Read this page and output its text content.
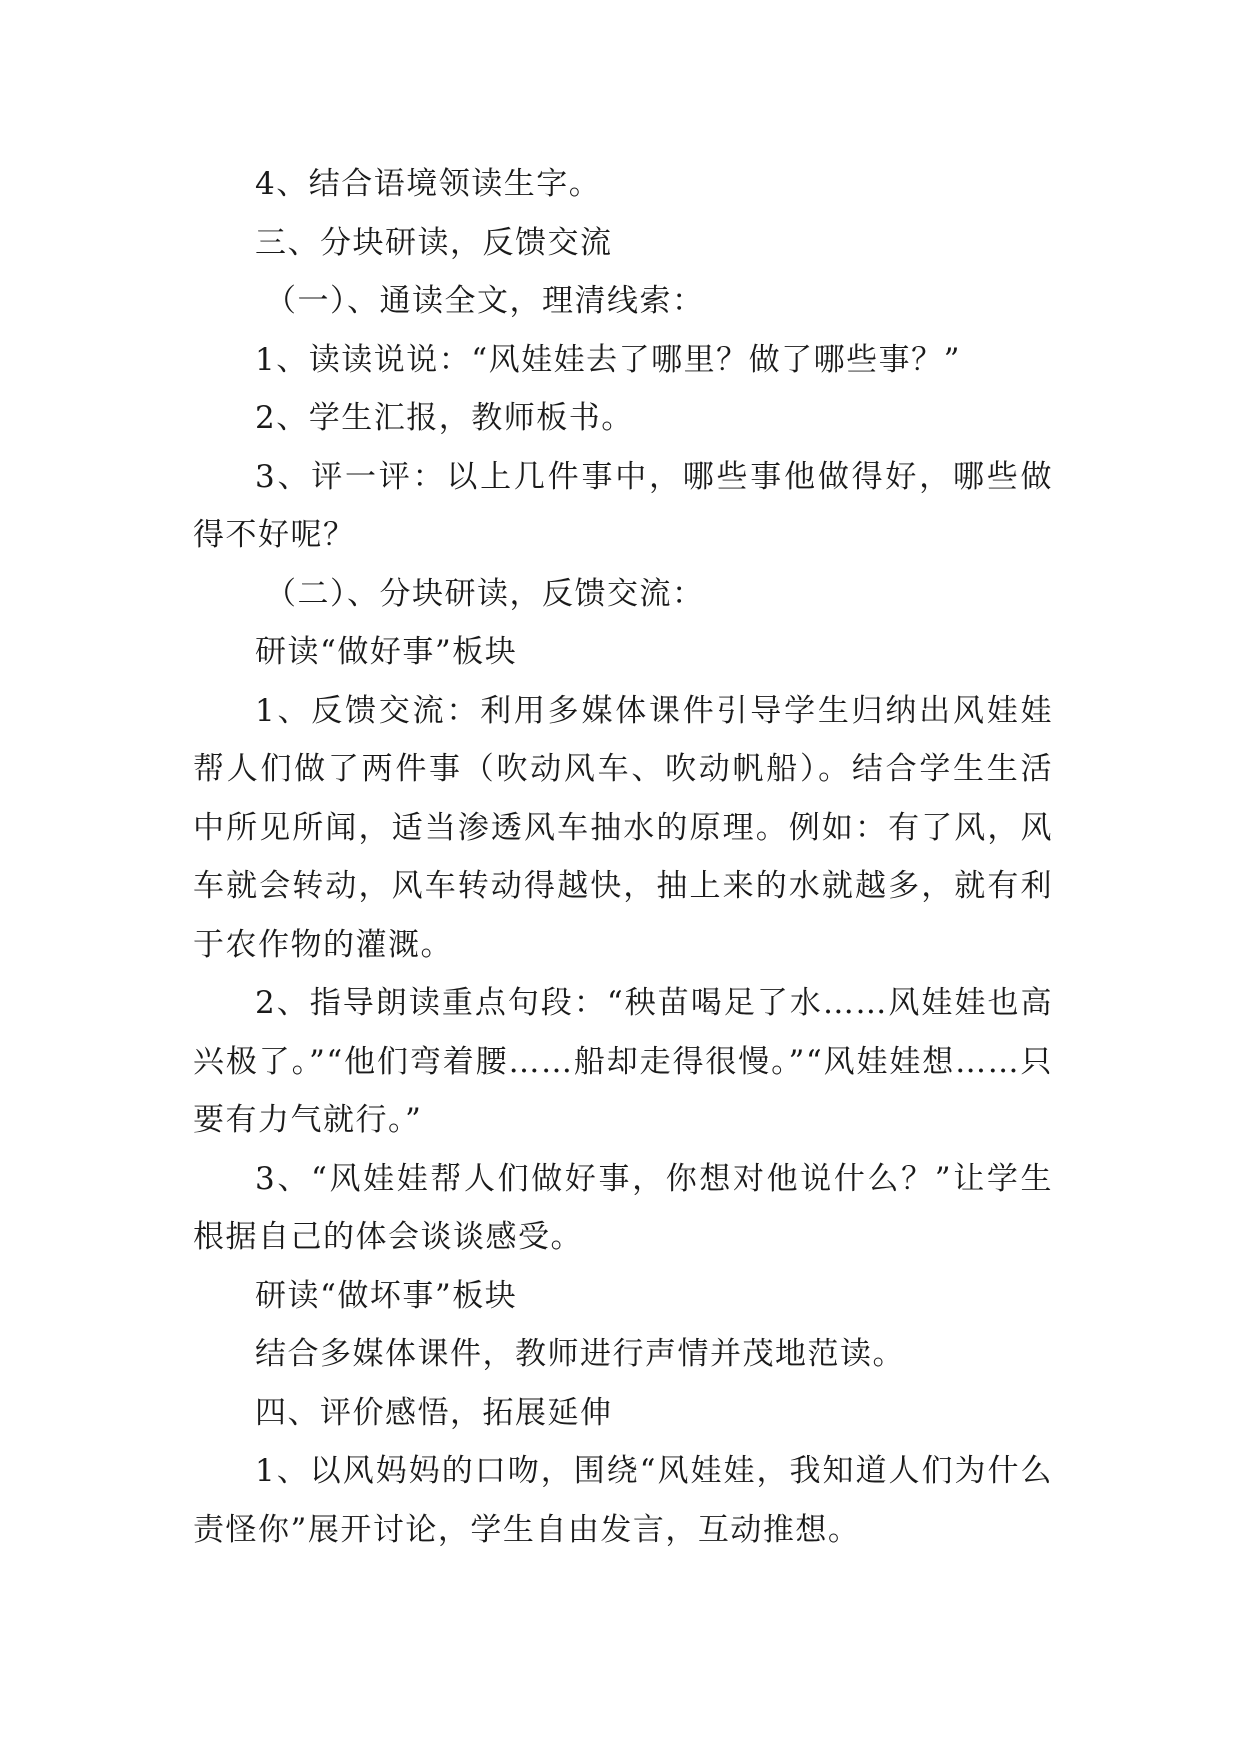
4、结合语境领读生字。

三、分块研读，反馈交流

（一）、通读全文，理清线索：

1、读读说说：“风娃娃去了哪里？做了哪些事？”

2、学生汇报，教师板书。

3、评一评：以上几件事中，哪些事他做得好，哪些做得不好呢？

（二）、分块研读，反馈交流：

研读“做好事”板块

1、反馈交流：利用多媒体课件引导学生归纳出风娃娃帮人们做了两件事（吹动风车、吹动帆船）。结合学生生活中所见所闻，适当渗透风车抽水的原理。例如：有了风，风车就会转动，风车转动得越快，抽上来的水就越多，就有利于农作物的灌溉。

2、指导朗读重点句段：“秧苗喝足了水……风娃娃也高兴极了。”“他们弯着腰……船却走得很慢。”“风娃娃想……只要有力气就行。”

3、“风娃娃帮人们做好事，你想对他说什么？”让学生根据自己的体会谈谈感受。

研读“做坏事”板块

结合多媒体课件，教师进行声情并茂地范读。

四、评价感悟，拓展延伸

1、以风妈妈的口吻，围绕“风娃娃，我知道人们为什么责怪你”展开讨论，学生自由发言，互动推想。
